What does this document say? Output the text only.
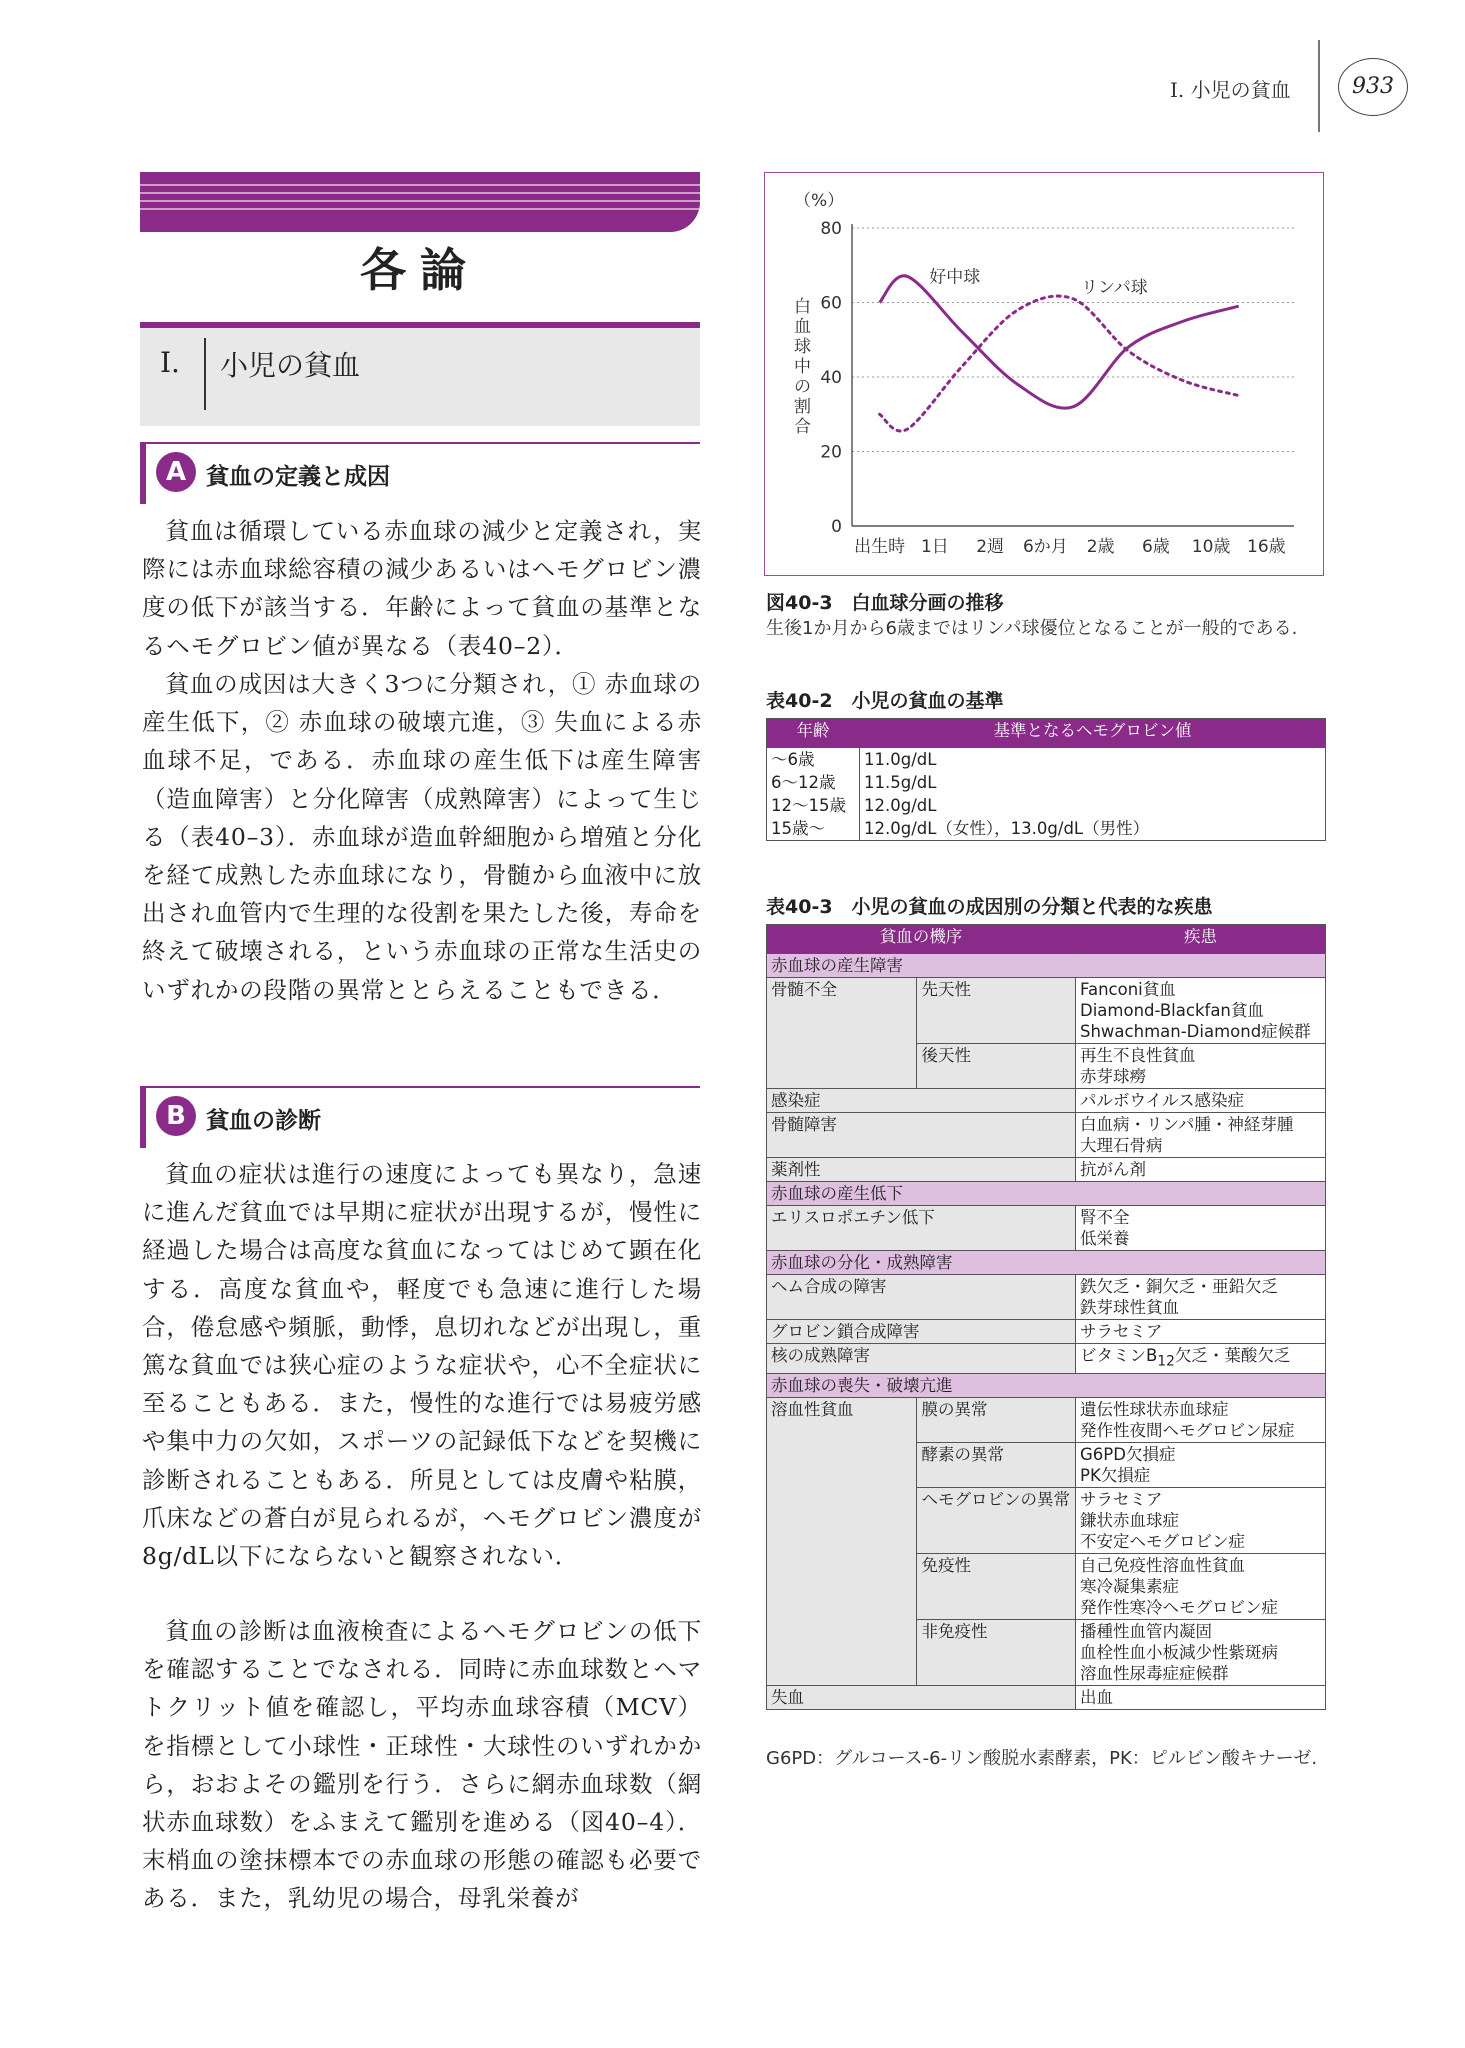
I. 小児の貧血	933
各論
I. 小児の貧血
A 貧血の定義と成因
貧血は循環している赤血球の減少と定義され，実際には赤血球総容積の減少あるいはヘモグロビン濃度の低下が該当する．年齢によって貧血の基準となるヘモグロビン値が異なる（表40–2）．
貧血の成因は大きく3つに分類され，① 赤血球の産生低下，② 赤血球の破壊亢進，③ 失血による赤血球不足，である．赤血球の産生低下は産生障害（造血障害）と分化障害（成熟障害）によって生じる（表40–3）．赤血球が造血幹細胞から増殖と分化を経て成熟した赤血球になり，骨髄から血液中に放出され血管内で生理的な役割を果たした後，寿命を終えて破壊される，という赤血球の正常な生活史のいずれかの段階の異常ととらえることもできる．
B 貧血の診断
貧血の症状は進行の速度によっても異なり，急速に進んだ貧血では早期に症状が出現するが，慢性に経過した場合は高度な貧血になってはじめて顕在化する．高度な貧血や，軽度でも急速に進行した場合，倦怠感や頻脈，動悸，息切れなどが出現し，重篤な貧血では狭心症のような症状や，心不全症状に至ることもある．また，慢性的な進行では易疲労感や集中力の欠如，スポーツの記録低下などを契機に診断されることもある．所見としては皮膚や粘膜，爪床などの蒼白が見られるが，ヘモグロビン濃度が8g/dL以下にならないと観察されない．
貧血の診断は血液検査によるヘモグロビンの低下を確認することでなされる．同時に赤血球数とヘマトクリット値を確認し，平均赤血球容積（MCV）を指標として小球性・正球性・大球性のいずれかから，おおよその鑑別を行う．さらに網赤血球数（網状赤血球数）をふまえて鑑別を進める（図40–4）．末梢血の塗抹標本での赤血球の形態の確認も必要である．また，乳幼児の場合，母乳栄養が
0
20
40
60
80
（%）
白血球中の割合
出生時 1日 2週 6か月 2歳 6歳 10歳 16歳
好中球
リンパ球
図40-3　白血球分画の推移
生後1か月から6歳まではリンパ球優位となることが一般的である.
表40-2　小児の貧血の基準
年齢	基準となるヘモグロビン値
〜6歳	11.0g/dL
6〜12歳	11.5g/dL
12〜15歳	12.0g/dL
15歳〜	12.0g/dL（女性），13.0g/dL（男性）
表40-3　小児の貧血の成因別の分類と代表的な疾患
貧血の機序		疾患
赤血球の産生障害		
骨髄不全	先天性	Fanconi貧血
Diamond-Blackfan貧血
Shwachman-Diamond症候群

	後天性	再生不良性貧血
赤芽球癆

感染症		パルボウイルス感染症
骨髄障害		白血病・リンパ腫・神経芽腫
大理石骨病

薬剤性		抗がん剤
赤血球の産生低下		
エリスロポエチン低下		腎不全
低栄養

赤血球の分化・成熟障害		
ヘム合成の障害		鉄欠乏・銅欠乏・亜鉛欠乏
鉄芽球性貧血

グロビン鎖合成障害		サラセミア
核の成熟障害		ビタミン$B_{12}$欠乏・葉酸欠乏
赤血球の喪失・破壊亢進		
溶血性貧血	膜の異常	遺伝性球状赤血球症
発作性夜間ヘモグロビン尿症

	酵素の異常	G6PD欠損症
PK欠損症

	ヘモグロビンの異常	サラセミア
鎌状赤血球症
不安定ヘモグロビン症

	免疫性	自己免疫性溶血性貧血
寒冷凝集素症
発作性寒冷ヘモグロビン症

	非免疫性	播種性血管内凝固
血栓性血小板減少性紫斑病
溶血性尿毒症症候群

失血		出血
G6PD：グルコース-6-リン酸脱水素酵素，PK：ピルビン酸キナーゼ.
